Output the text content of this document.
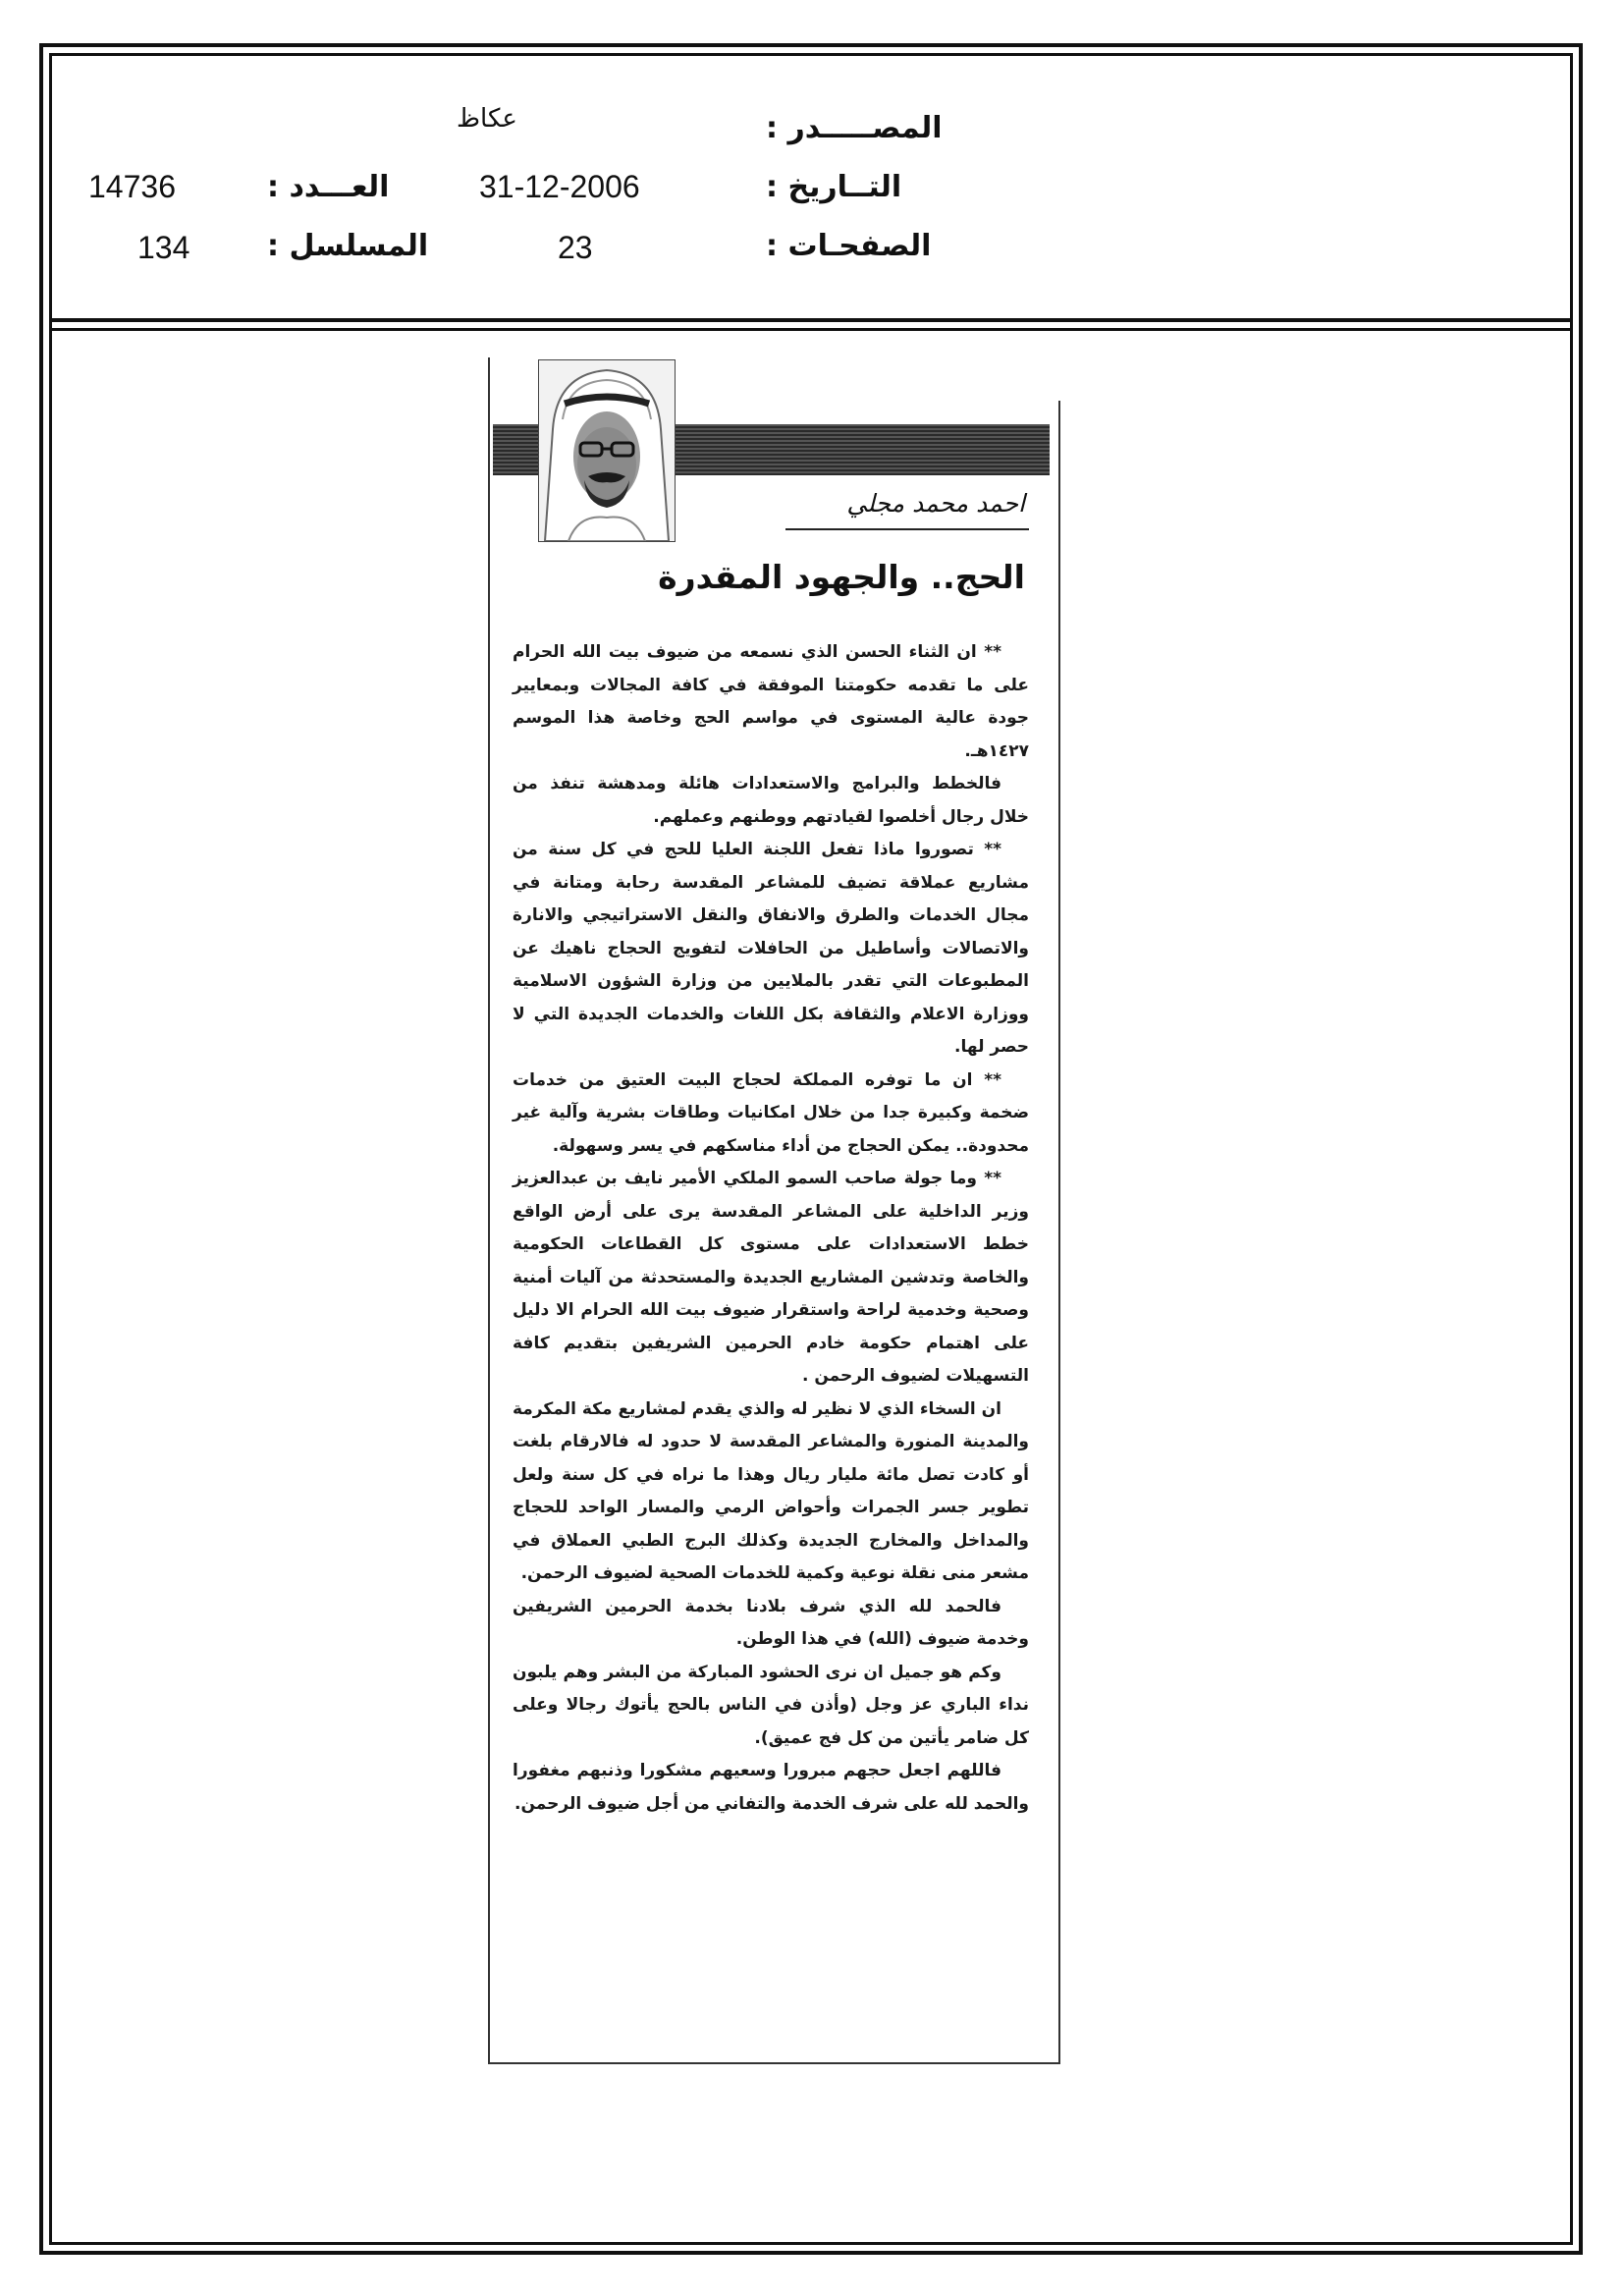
عكاظ	المصـــــدر :
31-12-2006	التــاريخ :
14736	العـــدد :
23	الصفحـات :
134	المسلسل :
احمد محمد مجلي
الحج.. والجهود المقدرة

** ان الثناء الحسن الذي نسمعه من ضيوف بيت الله الحرام على ما تقدمه حكومتنا الموفقة في كافة المجالات وبمعايير جودة عالية المستوى في مواسم الحج وخاصة هذا الموسم ١٤٢٧هـ.

فالخطط والبرامج والاستعدادات هائلة ومدهشة تنفذ من خلال رجال أخلصوا لقيادتهم ووطنهم وعملهم.

** تصوروا ماذا تفعل اللجنة العليا للحج في كل سنة من مشاريع عملاقة تضيف للمشاعر المقدسة رحابة ومتانة في مجال الخدمات والطرق والانفاق والنقل الاستراتيجي والانارة والاتصالات وأساطيل من الحافلات لتفويج الحجاج ناهيك عن المطبوعات التي تقدر بالملايين من وزارة الشؤون الاسلامية ووزارة الاعلام والثقافة بكل اللغات والخدمات الجديدة التي لا حصر لها.

** ان ما توفره المملكة لحجاج البيت العتيق من خدمات ضخمة وكبيرة جدا من خلال امكانيات وطاقات بشرية وآلية غير محدودة.. يمكن الحجاج من أداء مناسكهم في يسر وسهولة.

** وما جولة صاحب السمو الملكي الأمير نايف بن عبدالعزيز وزير الداخلية على المشاعر المقدسة يرى على أرض الواقع خطط الاستعدادات على مستوى كل القطاعات الحكومية والخاصة وتدشين المشاريع الجديدة والمستحدثة من آليات أمنية وصحية وخدمية لراحة واستقرار ضيوف بيت الله الحرام الا دليل على اهتمام حكومة خادم الحرمين الشريفين بتقديم كافة التسهيلات لضيوف الرحمن .

ان السخاء الذي لا نظير له والذي يقدم لمشاريع مكة المكرمة والمدينة المنورة والمشاعر المقدسة لا حدود له فالارقام بلغت أو كادت تصل مائة مليار ريال وهذا ما نراه في كل سنة ولعل تطوير جسر الجمرات وأحواض الرمي والمسار الواحد للحجاج والمداخل والمخارج الجديدة وكذلك البرج الطبي العملاق في مشعر منى نقلة نوعية وكمية للخدمات الصحية لضيوف الرحمن.

فالحمد لله الذي شرف بلادنا بخدمة الحرمين الشريفين وخدمة ضيوف (الله) في هذا الوطن.

وكم هو جميل ان نرى الحشود المباركة من البشر وهم يلبون نداء الباري عز وجل (وأذن في الناس بالحج يأتوك رجالا وعلى كل ضامر يأتين من كل فج عميق).

فاللهم اجعل حجهم مبرورا وسعيهم مشكورا وذنبهم مغفورا والحمد لله على شرف الخدمة والتفاني من أجل ضيوف الرحمن.
